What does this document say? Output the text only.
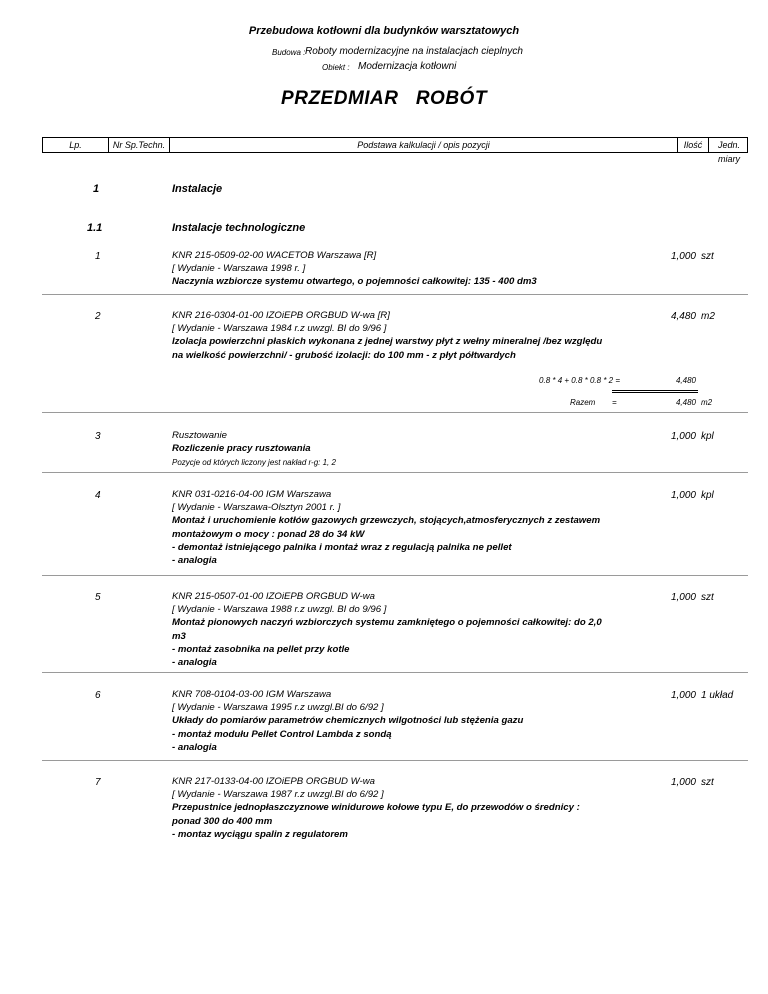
Przebudowa kotłowni dla budynków warsztatowych
Budowa : Roboty modernizacyjne na instalacjach cieplnych
Obiekt : Modernizacja kotłowni
PRZEDMIAR   ROBÓT
Lp.	Nr Sp.Techn.	Podstawa kalkulacji / opis pozycji	Ilość	Jedn. miary
1	Instalacje
1.1	Instalacje technologiczne
1	KNR 215-0509-02-00 WACETOB Warszawa [R]
[ Wydanie - Warszawa 1998 r. ]
Naczynia wzbiorcze systemu otwartego, o pojemności całkowitej: 135 - 400 dm3
1,000 szt
2	KNR 216-0304-01-00 IZOiEPB ORGBUD W-wa [R]
[ Wydanie - Warszawa 1984 r.z uwzgl. BI do 9/96 ]
Izolacja powierzchni płaskich wykonana z jednej warstwy płyt z wełny mineralnej /bez względu
na wielkość powierzchni/ - grubość izolacji: do 100 mm - z płyt półtwardych
4,480 m2
0.8 * 4 + 0.8 * 0.8 * 2 =	4,480
Razem =	4,480 m2
3	Rusztowanie
Rozliczenie pracy rusztowania
Pozycje od których liczony jest nakład r-g: 1, 2
1,000 kpl
4	KNR 031-0216-04-00 IGM Warszawa
[ Wydanie - Warszawa-Olsztyn 2001 r. ]
Montaż i uruchomienie kotłów gazowych grzewczych, stojących,atmosferycznych z zestawem
montażowym o mocy : ponad 28 do 34 kW
- demontaż istniejącego palnika i montaż wraz z regulacją palnika ne pellet
- analogia
1,000 kpl
5	KNR 215-0507-01-00 IZOiEPB ORGBUD W-wa
[ Wydanie - Warszawa 1988 r.z uwzgl. BI do 9/96 ]
Montaż pionowych naczyń wzbiorczych systemu zamkniętego o pojemności całkowitej: do 2,0
m3
- montaż zasobnika na pellet przy kotle
- analogia
1,000 szt
6	KNR 708-0104-03-00 IGM Warszawa
[ Wydanie - Warszawa 1995 r.z uwzgl.BI do 6/92 ]
Układy do pomiarów parametrów chemicznych wilgotności lub stężenia gazu
- montaż modułu Pellet Control Lambda z sondą
- analogia
1,000 1 układ
7	KNR 217-0133-04-00 IZOiEPB ORGBUD W-wa
[ Wydanie - Warszawa 1987 r.z uwzgl.BI do 6/92 ]
Przepustnice jednopłaszczyznowe winidurowe kołowe typu E, do przewodów o średnicy :
ponad 300 do 400 mm
- montaz wyciągu spalin z regulatorem
1,000 szt
